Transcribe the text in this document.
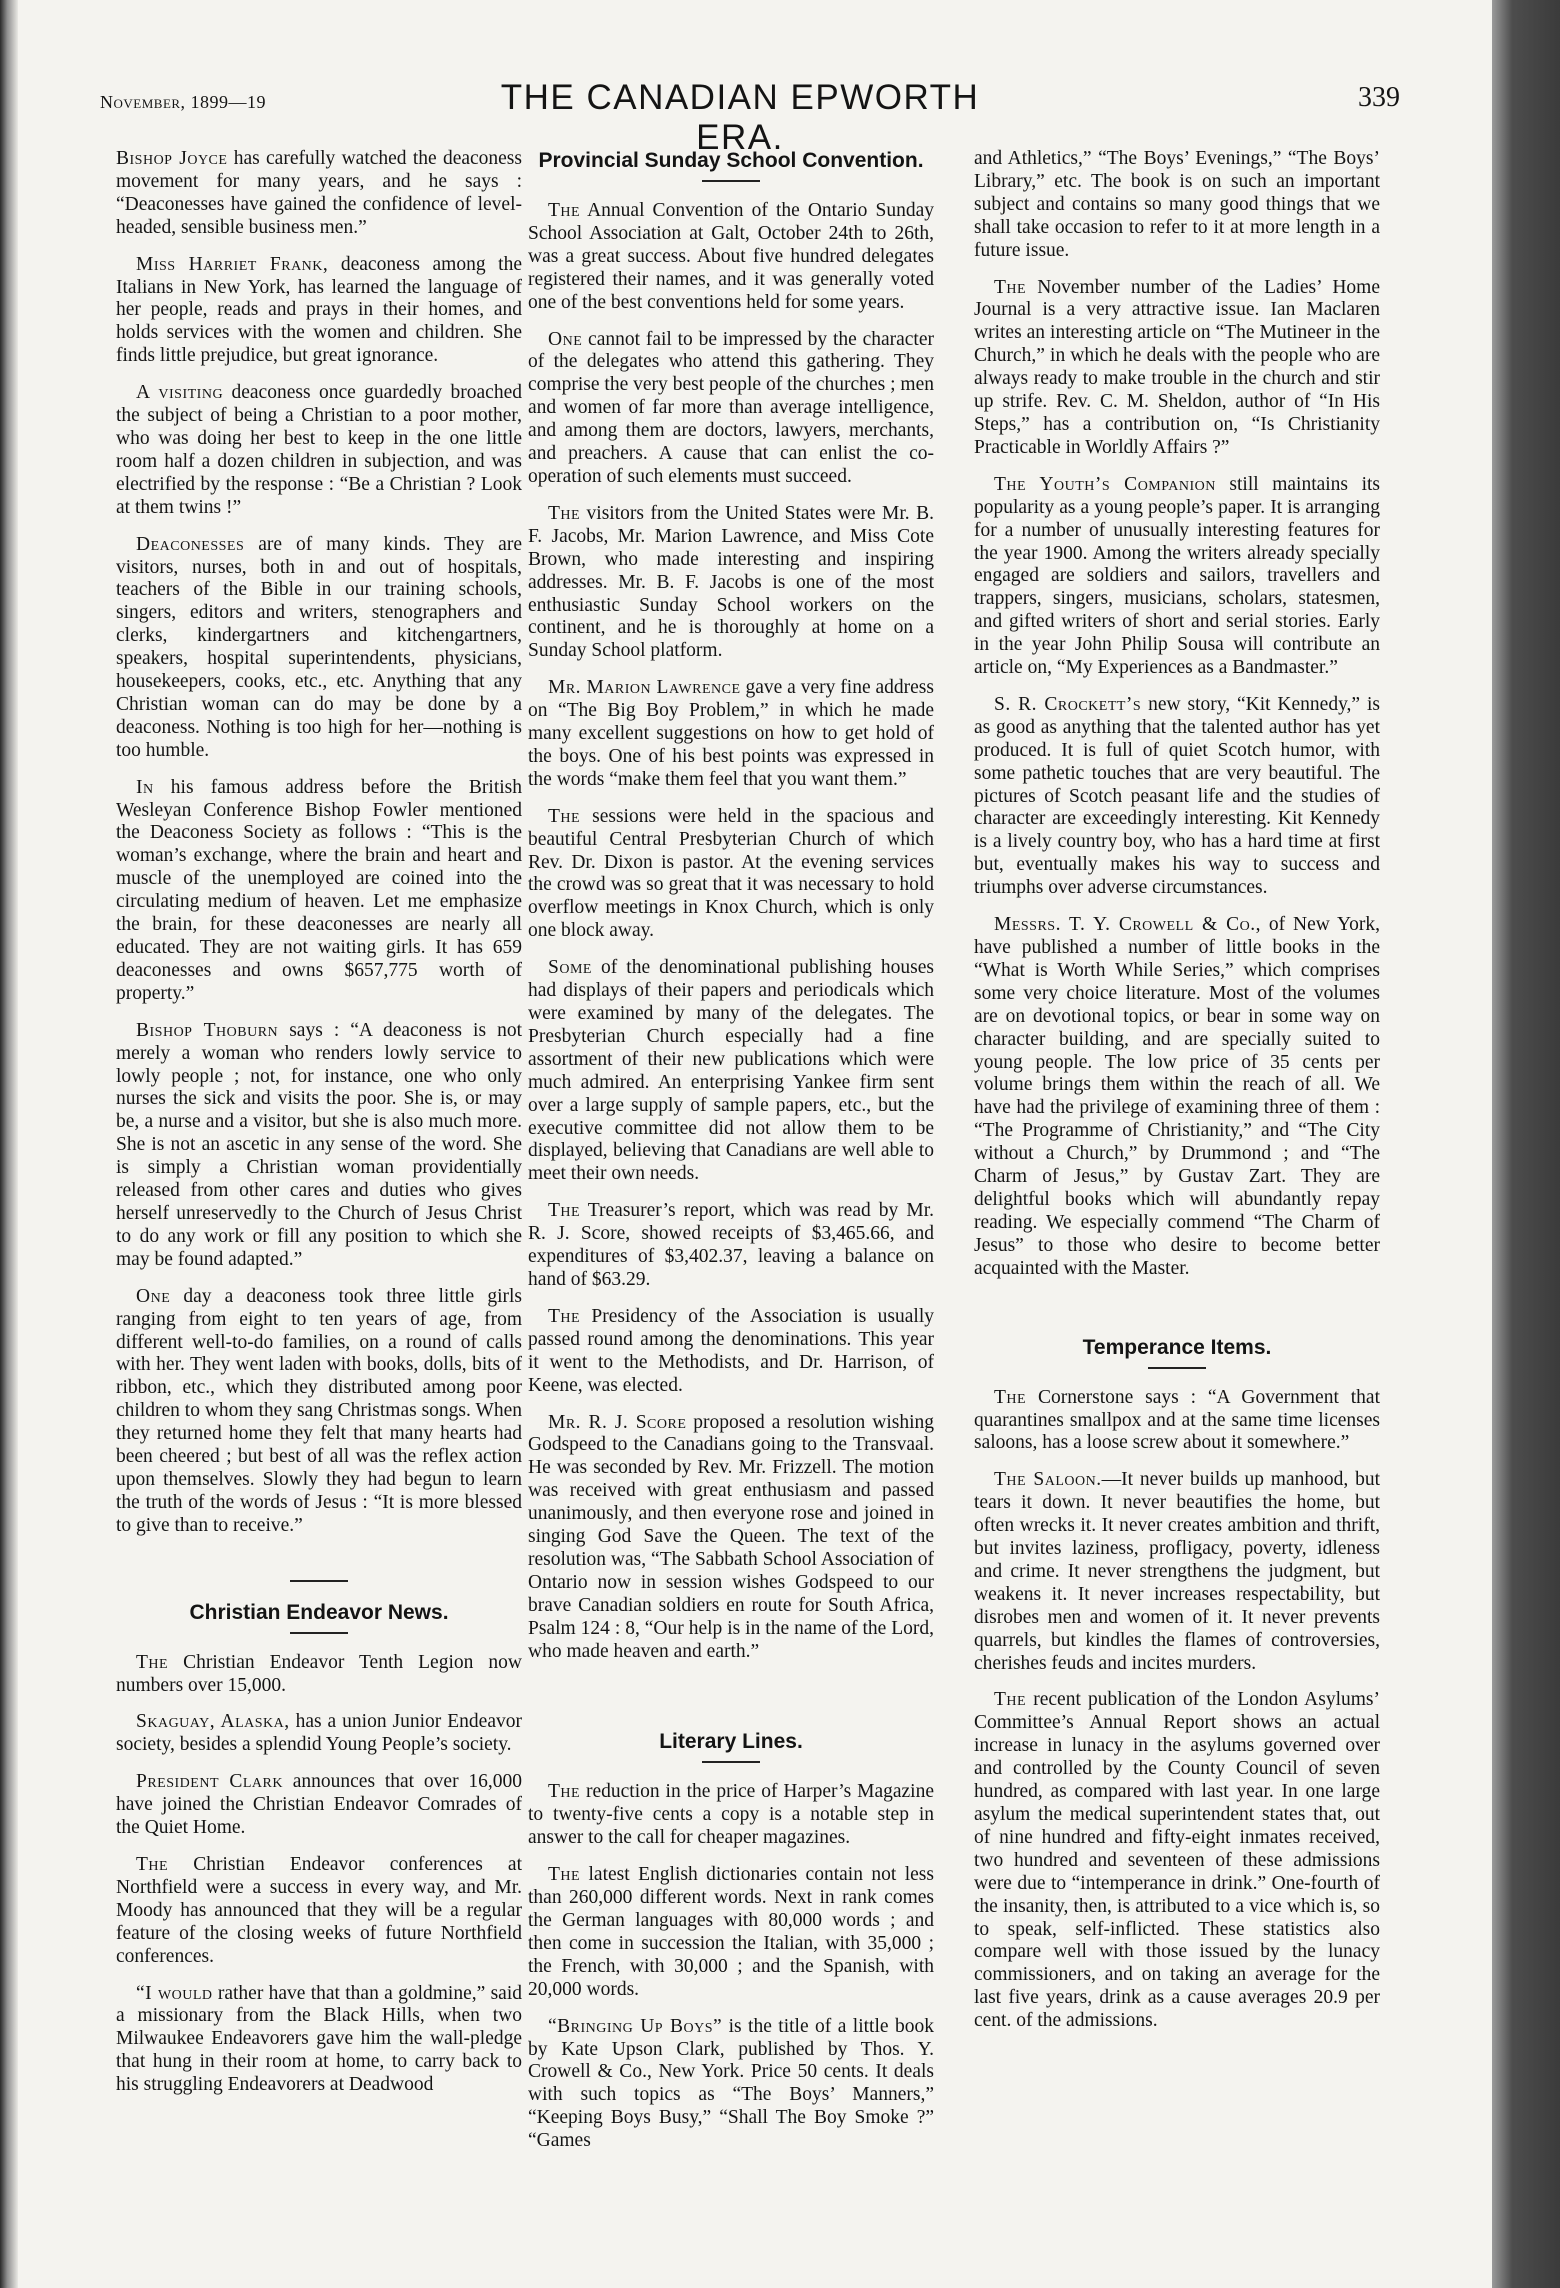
November, 1899—19	THE CANADIAN EPWORTH ERA.
339

Bishop Joyce has carefully watched the deaconess movement for many years, and he says : “Deaconesses have gained the confidence of level-headed, sensible business men.”

Miss Harriet Frank, deaconess among the Italians in New York, has learned the language of her people, reads and prays in their homes, and holds services with the women and children. She finds little prejudice, but great ignorance.

A visiting deaconess once guardedly broached the subject of being a Christian to a poor mother, who was doing her best to keep in the one little room half a dozen children in subjection, and was electrified by the response : “Be a Christian ? Look at them twins !”

Deaconesses are of many kinds. They are visitors, nurses, both in and out of hospitals, teachers of the Bible in our training schools, singers, editors and writers, stenographers and clerks, kindergartners and kitchengartners, speakers, hospital superintendents, physicians, housekeepers, cooks, etc., etc. Anything that any Christian woman can do may be done by a deaconess. Nothing is too high for her—nothing is too humble.

In his famous address before the British Wesleyan Conference Bishop Fowler mentioned the Deaconess Society as follows : “This is the woman’s exchange, where the brain and heart and muscle of the unemployed are coined into the circulating medium of heaven. Let me emphasize the brain, for these deaconesses are nearly all educated. They are not waiting girls. It has 659 deaconesses and owns $657,775 worth of property.”

Bishop Thoburn says : “A deaconess is not merely a woman who renders lowly service to lowly people ; not, for instance, one who only nurses the sick and visits the poor. She is, or may be, a nurse and a visitor, but she is also much more. She is not an ascetic in any sense of the word. She is simply a Christian woman providentially released from other cares and duties who gives herself unreservedly to the Church of Jesus Christ to do any work or fill any position to which she may be found adapted.”

One day a deaconess took three little girls ranging from eight to ten years of age, from different well-to-do families, on a round of calls with her. They went laden with books, dolls, bits of ribbon, etc., which they distributed among poor children to whom they sang Christmas songs. When they returned home they felt that many hearts had been cheered ; but best of all was the reflex action upon themselves. Slowly they had begun to learn the truth of the words of Jesus : “It is more blessed to give than to receive.”

Christian Endeavor News.

The Christian Endeavor Tenth Legion now numbers over 15,000.

Skaguay, Alaska, has a union Junior Endeavor society, besides a splendid Young People’s society.

President Clark announces that over 16,000 have joined the Christian Endeavor Comrades of the Quiet Home.

The Christian Endeavor conferences at Northfield were a success in every way, and Mr. Moody has announced that they will be a regular feature of the closing weeks of future Northfield conferences.

“I would rather have that than a goldmine,” said a missionary from the Black Hills, when two Milwaukee Endeavorers gave him the wall-pledge that hung in their room at home, to carry back to his struggling Endeavorers at Deadwood

Provincial Sunday School Convention.

The Annual Convention of the Ontario Sunday School Association at Galt, October 24th to 26th, was a great success. About five hundred delegates registered their names, and it was generally voted one of the best conventions held for some years.

One cannot fail to be impressed by the character of the delegates who attend this gathering. They comprise the very best people of the churches ; men and women of far more than average intelligence, and among them are doctors, lawyers, merchants, and preachers. A cause that can enlist the co-operation of such elements must succeed.

The visitors from the United States were Mr. B. F. Jacobs, Mr. Marion Lawrence, and Miss Cote Brown, who made interesting and inspiring addresses. Mr. B. F. Jacobs is one of the most enthusiastic Sunday School workers on the continent, and he is thoroughly at home on a Sunday School platform.

Mr. Marion Lawrence gave a very fine address on “The Big Boy Problem,” in which he made many excellent suggestions on how to get hold of the boys. One of his best points was expressed in the words “make them feel that you want them.”

The sessions were held in the spacious and beautiful Central Presbyterian Church of which Rev. Dr. Dixon is pastor. At the evening services the crowd was so great that it was necessary to hold overflow meetings in Knox Church, which is only one block away.

Some of the denominational publishing houses had displays of their papers and periodicals which were examined by many of the delegates. The Presbyterian Church especially had a fine assortment of their new publications which were much admired. An enterprising Yankee firm sent over a large supply of sample papers, etc., but the executive committee did not allow them to be displayed, believing that Canadians are well able to meet their own needs.

The Treasurer’s report, which was read by Mr. R. J. Score, showed receipts of $3,465.66, and expenditures of $3,402.37, leaving a balance on hand of $63.29.

The Presidency of the Association is usually passed round among the denominations. This year it went to the Methodists, and Dr. Harrison, of Keene, was elected.

Mr. R. J. Score proposed a resolution wishing Godspeed to the Canadians going to the Transvaal. He was seconded by Rev. Mr. Frizzell. The motion was received with great enthusiasm and passed unanimously, and then everyone rose and joined in singing God Save the Queen. The text of the resolution was, “The Sabbath School Association of Ontario now in session wishes Godspeed to our brave Canadian soldiers en route for South Africa, Psalm 124 : 8, “Our help is in the name of the Lord, who made heaven and earth.”

Literary Lines.

The reduction in the price of Harper’s Magazine to twenty-five cents a copy is a notable step in answer to the call for cheaper magazines.

The latest English dictionaries contain not less than 260,000 different words. Next in rank comes the German languages with 80,000 words ; and then come in succession the Italian, with 35,000 ; the French, with 30,000 ; and the Spanish, with 20,000 words.

“Bringing Up Boys” is the title of a little book by Kate Upson Clark, published by Thos. Y. Crowell & Co., New York. Price 50 cents. It deals with such topics as “The Boys’ Manners,” “Keeping Boys Busy,” “Shall The Boy Smoke ?” “Games

and Athletics,” “The Boys’ Evenings,” “The Boys’ Library,” etc. The book is on such an important subject and contains so many good things that we shall take occasion to refer to it at more length in a future issue.

The November number of the Ladies’ Home Journal is a very attractive issue. Ian Maclaren writes an interesting article on “The Mutineer in the Church,” in which he deals with the people who are always ready to make trouble in the church and stir up strife. Rev. C. M. Sheldon, author of “In His Steps,” has a contribution on, “Is Christianity Practicable in Worldly Affairs ?”

The Youth’s Companion still maintains its popularity as a young people’s paper. It is arranging for a number of unusually interesting features for the year 1900. Among the writers already specially engaged are soldiers and sailors, travellers and trappers, singers, musicians, scholars, statesmen, and gifted writers of short and serial stories. Early in the year John Philip Sousa will contribute an article on, “My Experiences as a Bandmaster.”

S. R. Crockett’s new story, “Kit Kennedy,” is as good as anything that the talented author has yet produced. It is full of quiet Scotch humor, with some pathetic touches that are very beautiful. The pictures of Scotch peasant life and the studies of character are exceedingly interesting. Kit Kennedy is a lively country boy, who has a hard time at first but, eventually makes his way to success and triumphs over adverse circumstances.

Messrs. T. Y. Crowell & Co., of New York, have published a number of little books in the “What is Worth While Series,” which comprises some very choice literature. Most of the volumes are on devotional topics, or bear in some way on character building, and are specially suited to young people. The low price of 35 cents per volume brings them within the reach of all. We have had the privilege of examining three of them : “The Programme of Christianity,” and “The City without a Church,” by Drummond ; and “The Charm of Jesus,” by Gustav Zart. They are delightful books which will abundantly repay reading. We especially commend “The Charm of Jesus” to those who desire to become better acquainted with the Master.

Temperance Items.

The Cornerstone says : “A Government that quarantines smallpox and at the same time licenses saloons, has a loose screw about it somewhere.”

The Saloon.—It never builds up manhood, but tears it down. It never beautifies the home, but often wrecks it. It never creates ambition and thrift, but invites laziness, profligacy, poverty, idleness and crime. It never strengthens the judgment, but weakens it. It never increases respectability, but disrobes men and women of it. It never prevents quarrels, but kindles the flames of controversies, cherishes feuds and incites murders.

The recent publication of the London Asylums’ Committee’s Annual Report shows an actual increase in lunacy in the asylums governed over and controlled by the County Council of seven hundred, as compared with last year. In one large asylum the medical superintendent states that, out of nine hundred and fifty-eight inmates received, two hundred and seventeen of these admissions were due to “intemperance in drink.” One-fourth of the insanity, then, is attributed to a vice which is, so to speak, self-inflicted. These statistics also compare well with those issued by the lunacy commissioners, and on taking an average for the last five years, drink as a cause averages 20.9 per cent. of the admissions.
